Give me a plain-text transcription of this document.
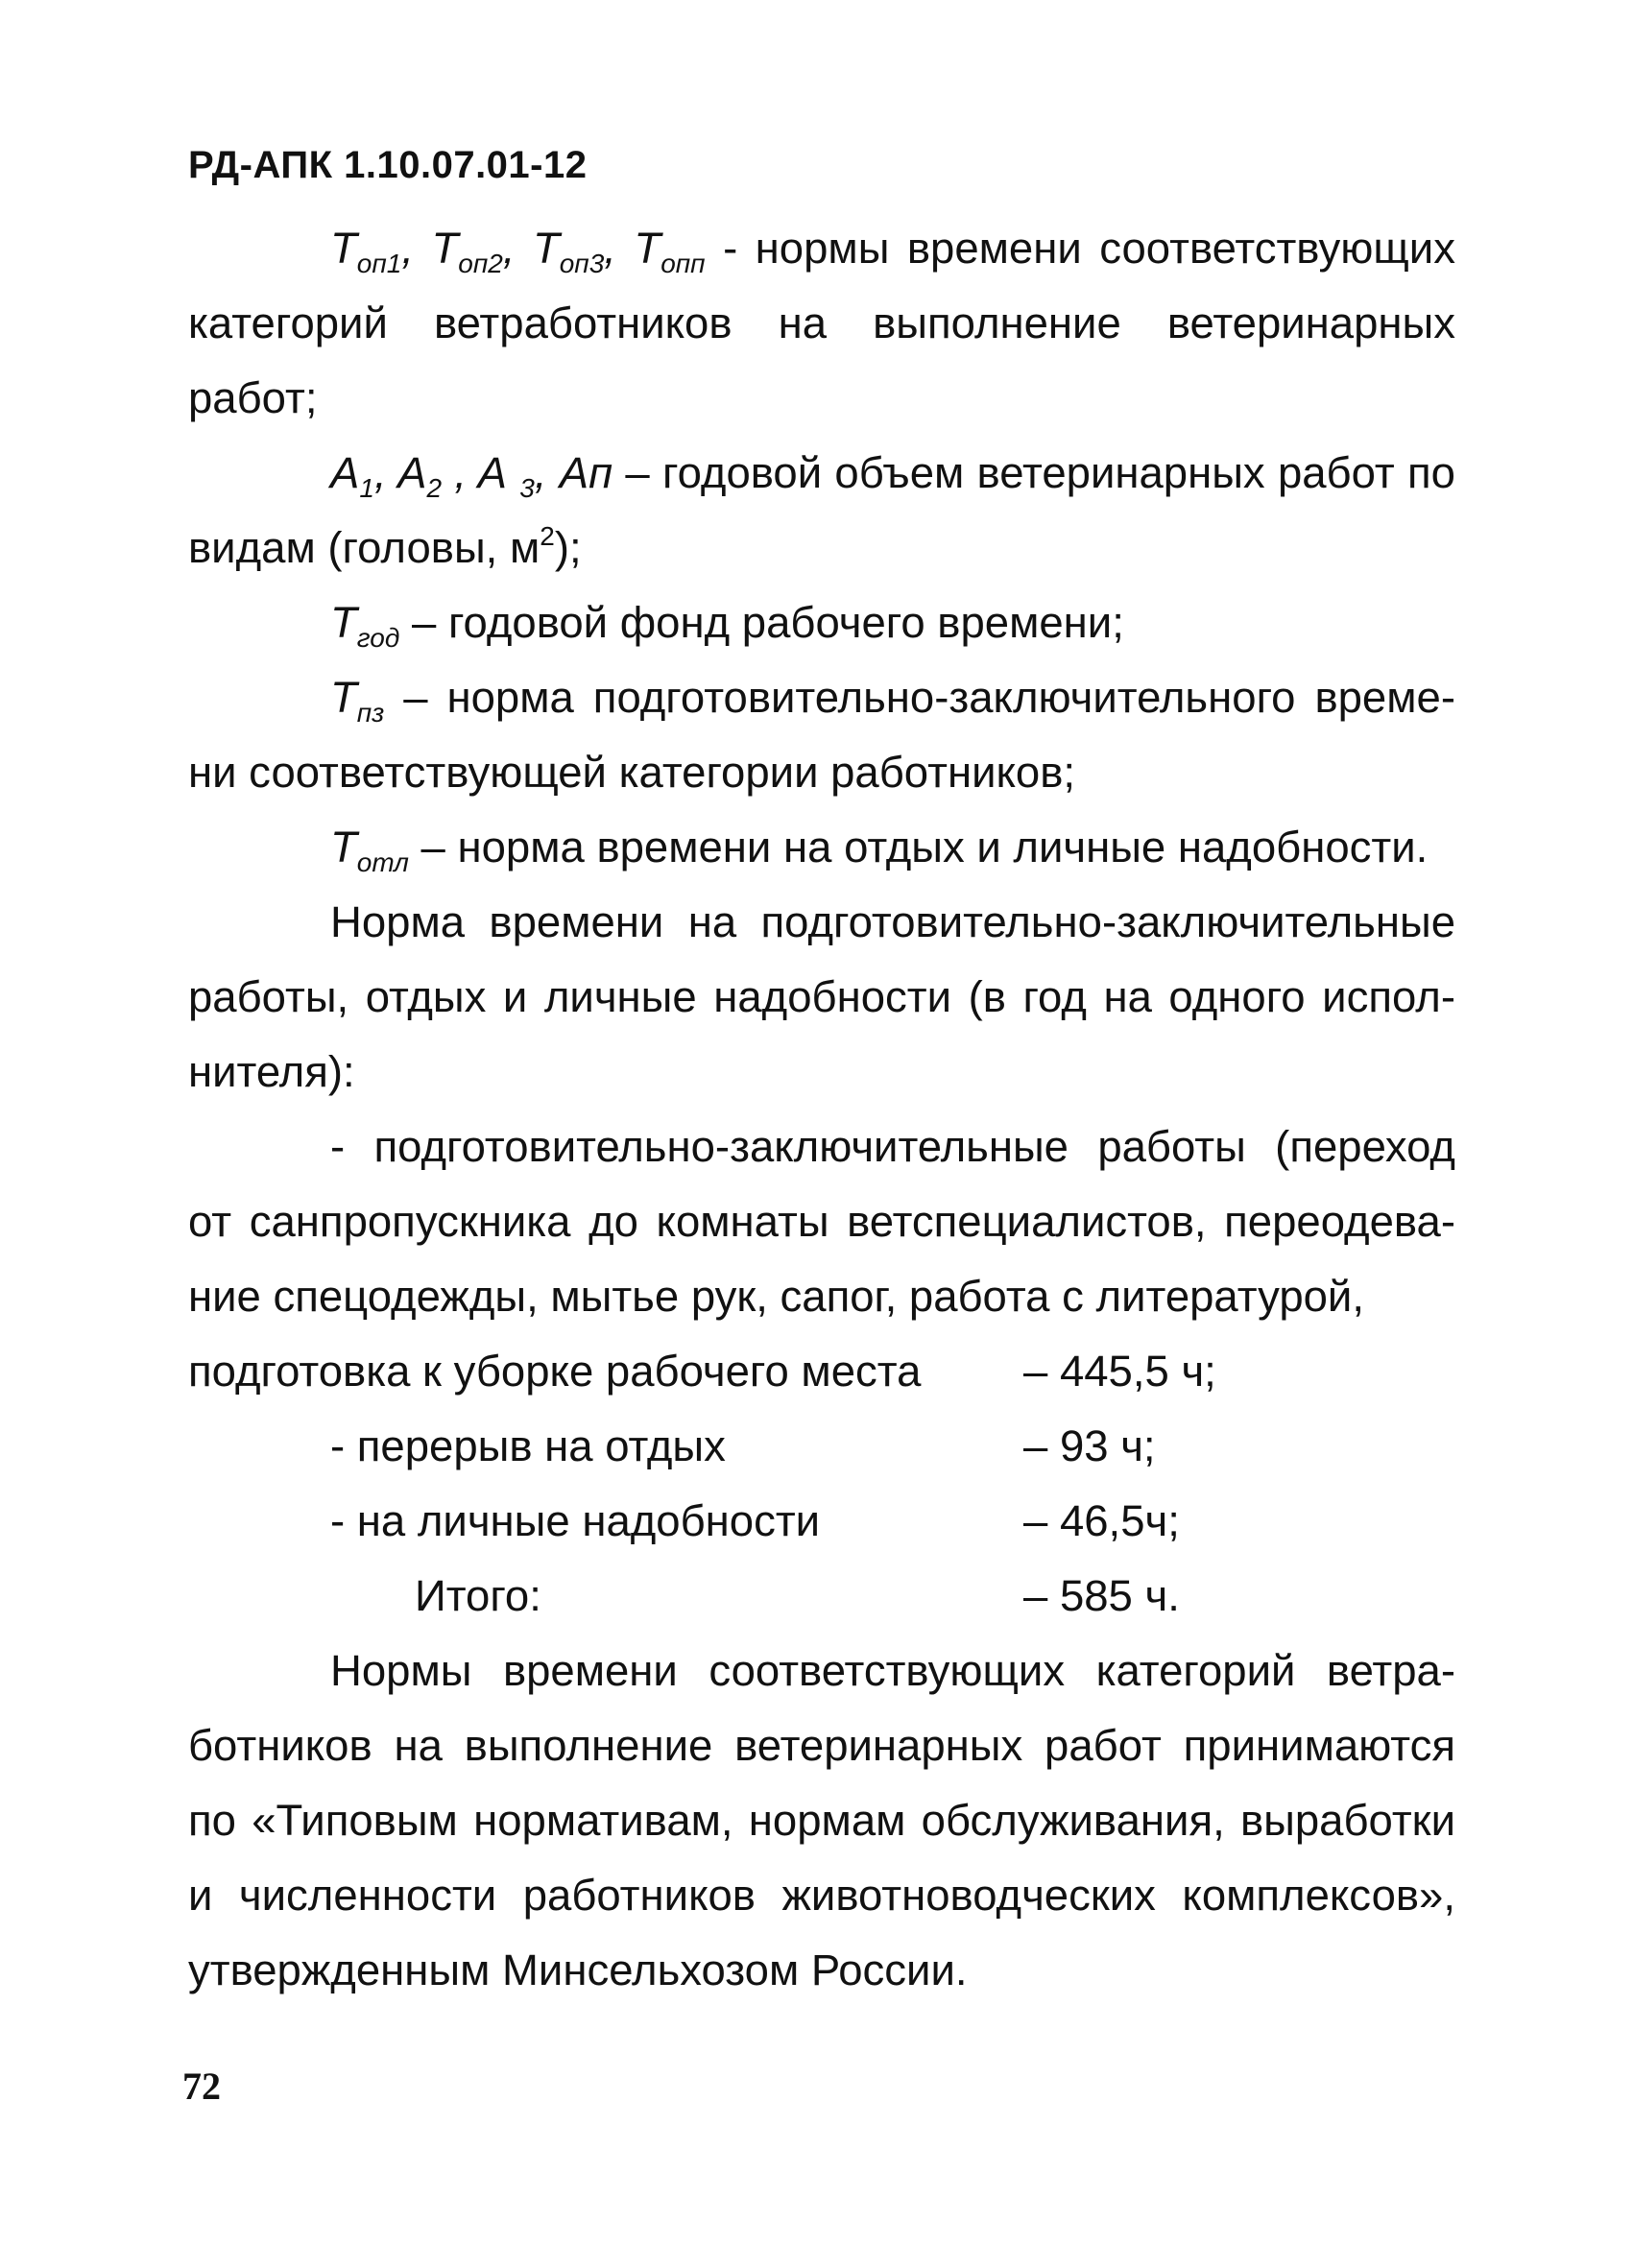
РД-АПК 1.10.07.01-12

$T_{оп1}$, $T_{оп2}$, $T_{оп3}$, $T_{опп}$ - нормы времени соответствующих категорий ветработников на выполнение ветеринарных работ;

$A_1$, $A_2$ , A $_3$, Ап – годовой объем ветеринарных работ по видам (головы, $м^2$);

$T_{год}$ – годовой фонд рабочего времени;

$T_{пз}$ – норма подготовительно-заключительного времени соответствующей категории работников;

$T_{отл}$ – норма времени на отдых и личные надобности.

Норма времени на подготовительно-заключительные работы, отдых и личные надобности (в год на одного исполнителя):

- подготовительно-заключительные работы (переход от санпропускника до комнаты ветспециалистов, переодевание спецодежды, мытье рук, сапог, работа с литературой,

подготовка к уборке рабочего места	– 445,5 ч;
- перерыв на отдых	– 93 ч;
- на личные надобности	– 46,5ч;
Итого:	– 585 ч.

Нормы времени соответствующих категорий ветработников на выполнение ветеринарных работ принимаются по «Типовым нормативам, нормам обслуживания, выработки и численности работников животноводческих комплексов», утвержденным Минсельхозом России.

72
